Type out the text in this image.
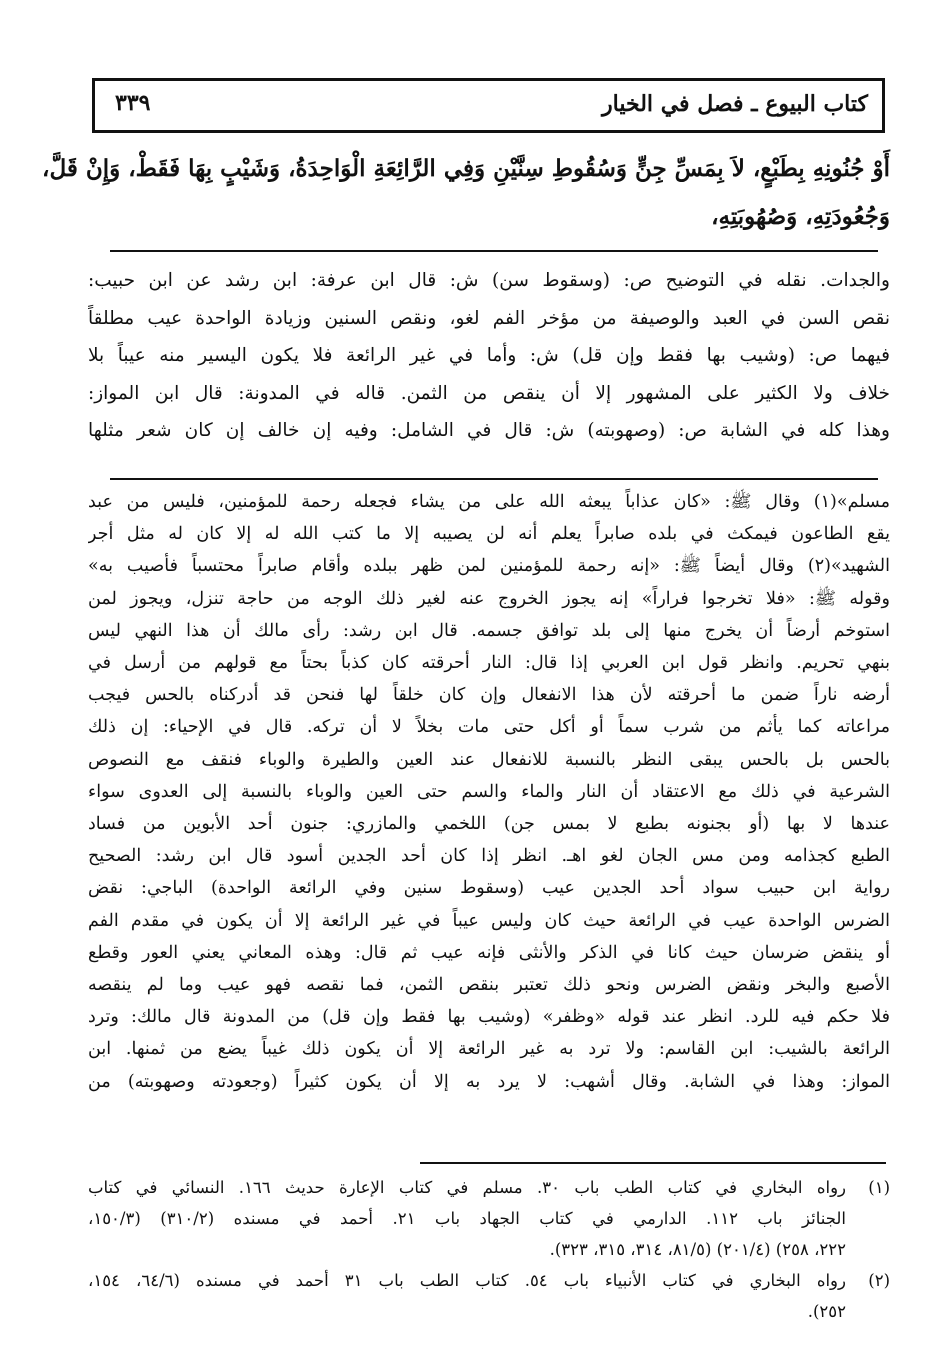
كتاب البيوع ـ فصل في الخيار
٣٣٩
أَوْ جُنُونِهِ بِطَبْعٍ، لاَ بِمَسِّ جِنٍّ وَسُقُوطِ سِنَّيْنِ وَفِي الرَّائِعَةِ الْوَاحِدَةُ، وَشَيْبٍ بِهَا فَقَطْ، وَإِنْ قَلَّ،
وَجُعُودَتِهِ، وَصُهُوبَتِهِ،
والجدات. نقله في التوضيح ص: (وسقوط سن) ش: قال ابن عرفة: ابن رشد عن ابن حبيب:
نقص السن في العبد والوصيفة من مؤخر الفم لغو، ونقص السنين وزيادة الواحدة عيب مطلقاً
فيهما ص: (وشيب بها فقط وإن قل) ش: وأما في غير الرائعة فلا يكون اليسير منه عيباً بلا
خلاف ولا الكثير على المشهور إلا أن ينقص من الثمن. قاله في المدونة: قال ابن المواز:
وهذا كله في الشابة ص: (وصهوبته) ش: قال في الشامل: وفيه إن خالف إن كان شعر مثلها
مسلم»(١) وقال ﷺ: «كان عذاباً يبعثه الله على من يشاء فجعله رحمة للمؤمنين، فليس من عبد
يقع الطاعون فيمكث في بلده صابراً يعلم أنه لن يصيبه إلا ما كتب الله له إلا كان له مثل أجر
الشهيد»(٢) وقال أيضاً ﷺ: «إنه رحمة للمؤمنين لمن ظهر ببلده وأقام صابراً محتسباً فأصيب به»
وقوله ﷺ: «فلا تخرجوا فراراً» إنه يجوز الخروج عنه لغير ذلك الوجه من حاجة تنزل، ويجوز لمن
استوخم أرضاً أن يخرج منها إلى بلد توافق جسمه. قال ابن رشد: رأى مالك أن هذا النهي ليس
بنهي تحريم. وانظر قول ابن العربي إذا قال: النار أحرقته كان كذباً بحتاً مع قولهم من أرسل في
أرضه ناراً ضمن ما أحرقته لأن هذا الانفعال وإن كان خلقاً لها فنحن قد أدركناه بالحس فيجب
مراعاته كما يأثم من شرب سماً أو أكل حتى مات بخلاً لا أن تركه. قال في الإحياء: إن ذلك
بالحس بل بالحس يبقى النظر بالنسبة للانفعال عند العين والطيرة والوباء فنقف مع النصوص
الشرعية في ذلك مع الاعتقاد أن النار والماء والسم حتى العين والوباء بالنسبة إلى العدوى سواء
عندها لا بها (أو بجنونه بطبع لا بمس جن) اللخمي والمازري: جنون أحد الأبوين من فساد
الطبع كجذامه ومن مس الجان لغو اهـ. انظر إذا كان أحد الجدين أسود قال ابن رشد: الصحيح
رواية ابن حبيب سواد أحد الجدين عيب (وسقوط سنين وفي الرائعة الواحدة) الباجي: نقض
الضرس الواحدة عيب في الرائعة حيث كان وليس عيباً في غير الرائعة إلا أن يكون في مقدم الفم
أو ينقض ضرسان حيث كانا في الذكر والأنثى فإنه عيب ثم قال: وهذه المعاني يعني العور وقطع
الأصبع والبخر ونقض الضرس ونحو ذلك تعتبر بنقص الثمن، فما نقصه فهو عيب وما لم ينقصه
فلا حكم فيه للرد. انظر عند قوله «وظفر» (وشيب بها فقط وإن قل) من المدونة قال مالك: وترد
الرائعة بالشيب: ابن القاسم: ولا ترد به غير الرائعة إلا أن يكون ذلك غيباً يضع من ثمنها. ابن
المواز: وهذا في الشابة. وقال أشهب: لا يرد به إلا أن يكون كثيراً (وجعودته وصهوبته) من
(١)
رواه البخاري في كتاب الطب باب ٣٠. مسلم في كتاب الإعارة حديث ١٦٦. النسائي في كتاب
الجنائز باب ١١٢. الدارمي في كتاب الجهاد باب ٢١. أحمد في مسنده (٣١٠/٢) (١٥٠/٣،
٢٢٢، ٢٥٨) (٢٠١/٤) (٨١/٥، ٣١٤، ٣١٥، ٣٢٣).
(٢)
رواه البخاري في كتاب الأنبياء باب ٥٤. كتاب الطب باب ٣١ أحمد في مسنده (٦٤/٦، ١٥٤،
٢٥٢).
